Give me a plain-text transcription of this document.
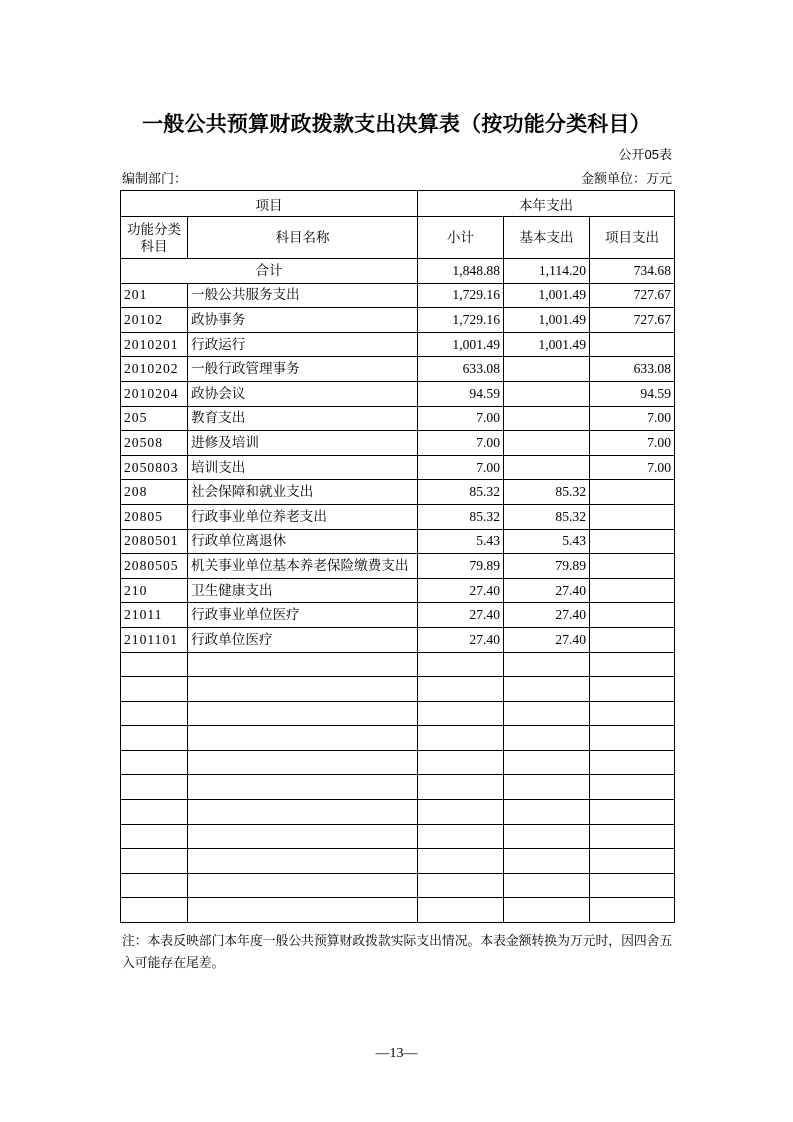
一般公共预算财政拨款支出决算表（按功能分类科目）
公开05表
编制部门：	金额单位：万元
项目		本年支出		

功能分类
科目	科目名称	小计	基本支出	项目支出
合计		1,848.88	1,114.20	734.68
201	一般公共服务支出	1,729.16	1,001.49	727.67
20102	政协事务	1,729.16	1,001.49	727.67
2010201	行政运行	1,001.49	1,001.49	
2010202	一般行政管理事务	633.08		633.08
2010204	政协会议	94.59		94.59
205	教育支出	7.00		7.00
20508	进修及培训	7.00		7.00
2050803	培训支出	7.00		7.00
208	社会保障和就业支出	85.32	85.32	
20805	行政事业单位养老支出	85.32	85.32	
2080501	行政单位离退休	5.43	5.43	
2080505	机关事业单位基本养老保险缴费支出	79.89	79.89	
210	卫生健康支出	27.40	27.40	
21011	行政事业单位医疗	27.40	27.40	
2101101	行政单位医疗	27.40	27.40	

注：本表反映部门本年度一般公共预算财政拨款实际支出情况。本表金额转换为万元时，因四舍五入可能存在尾差。
—13—
